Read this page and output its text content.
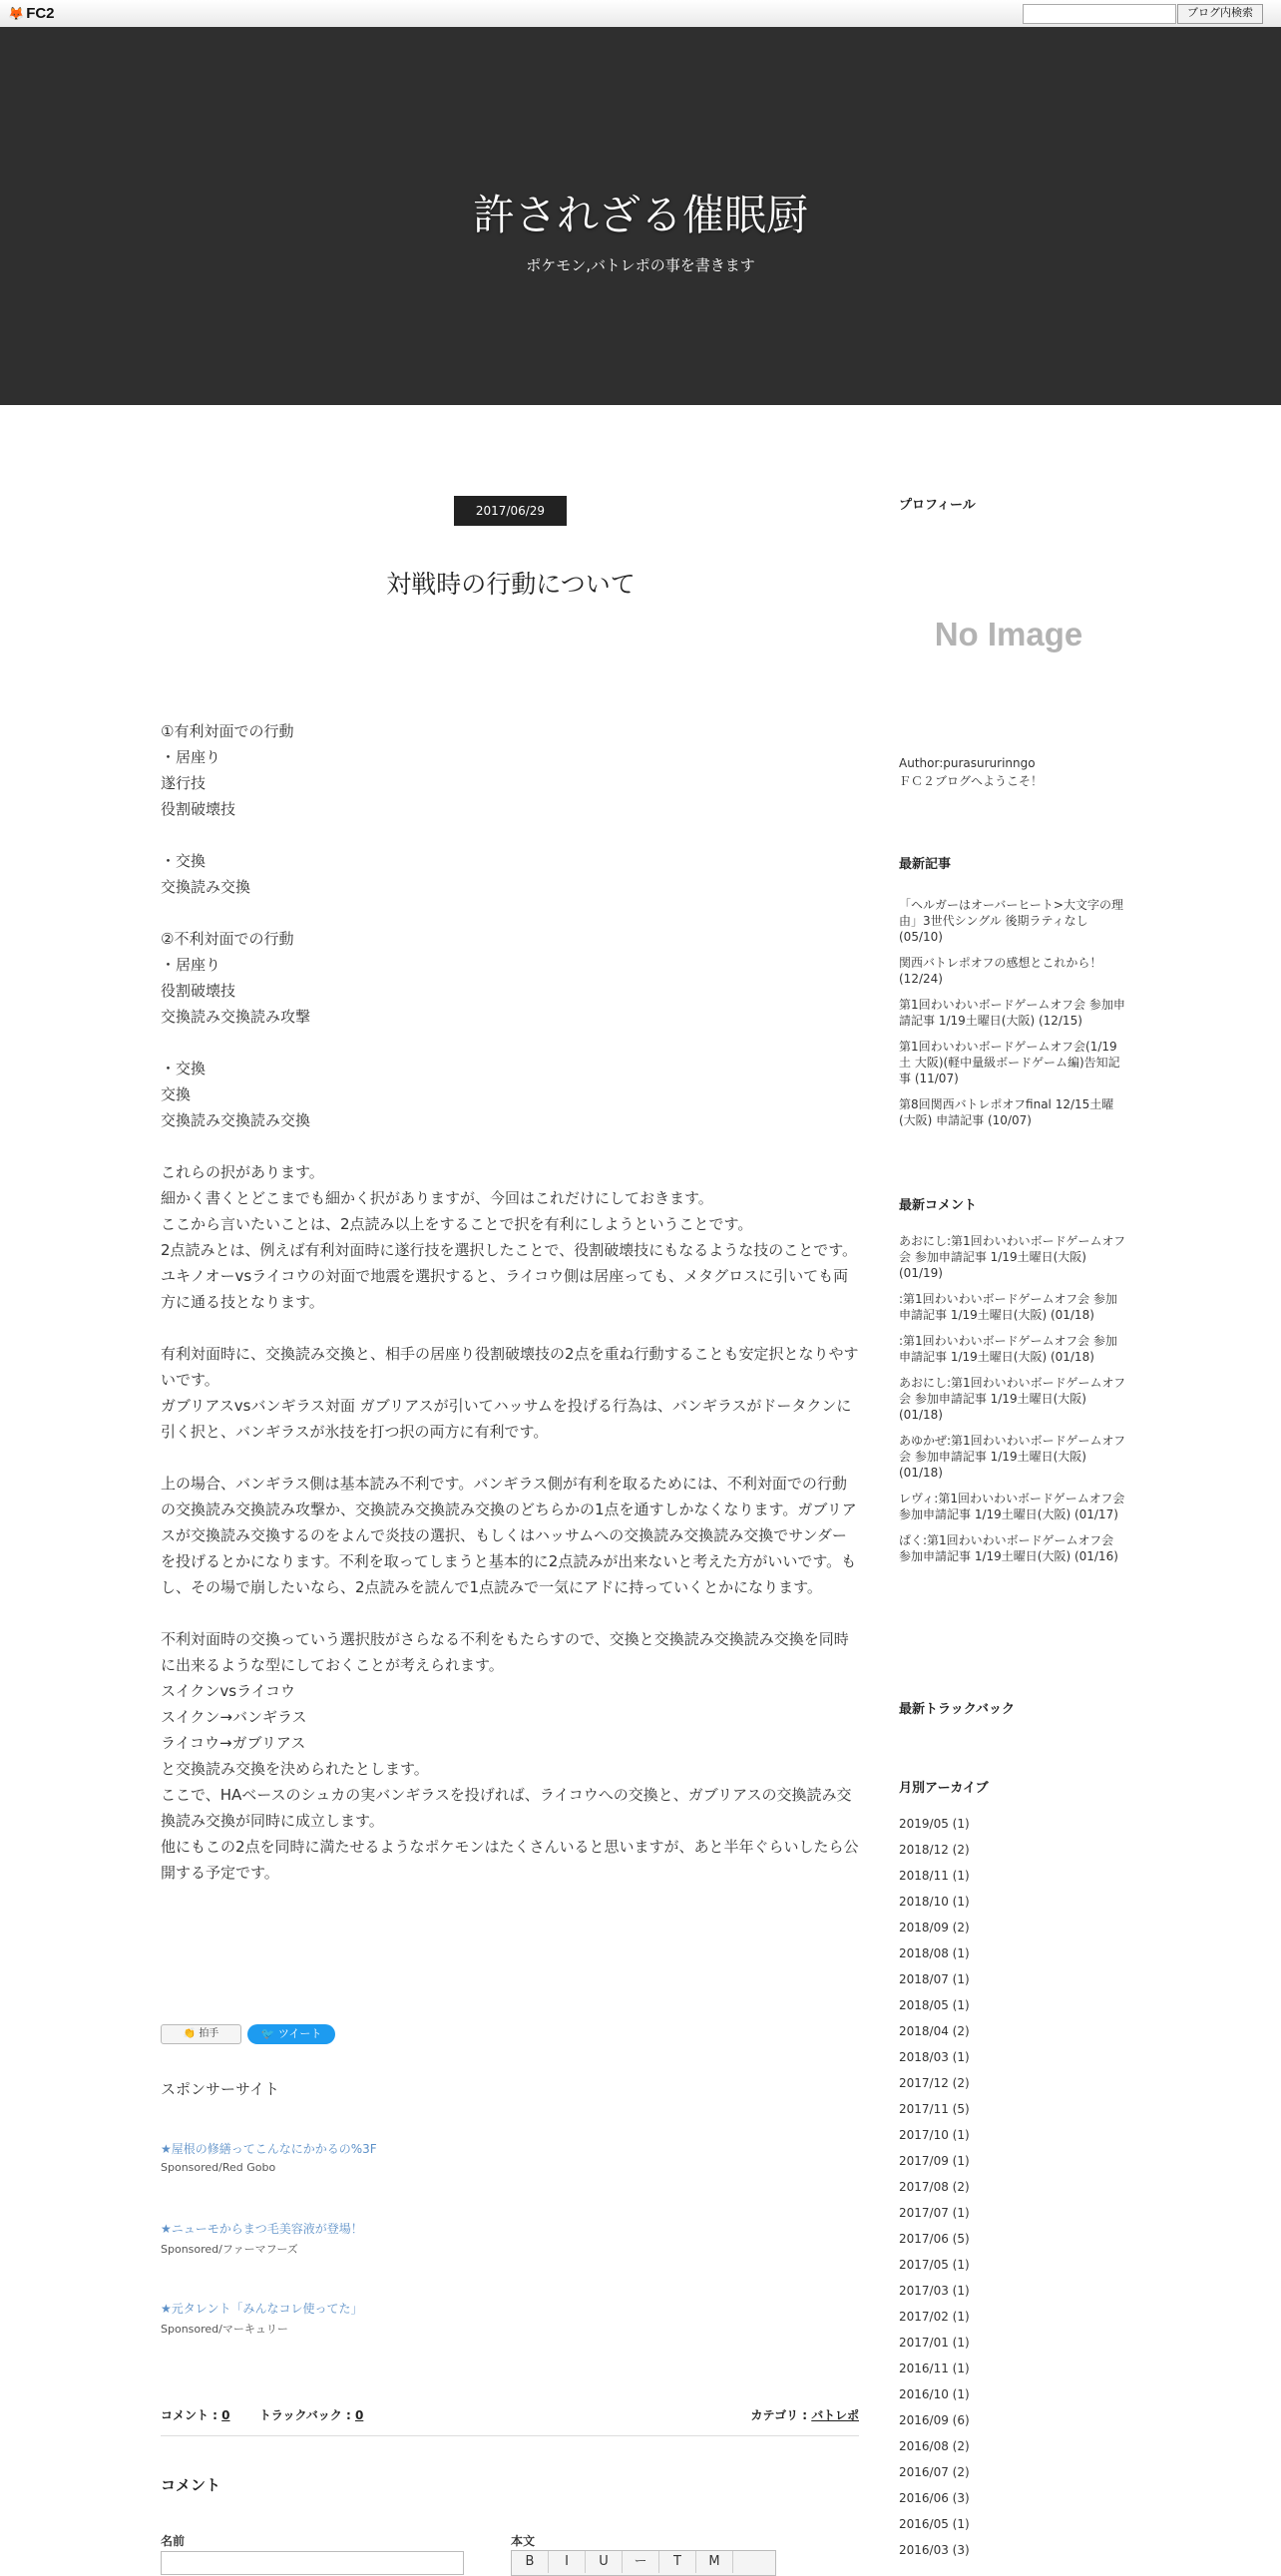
🦊 FC2	ブログ内検索
許されざる催眠厨
ポケモン,バトレポの事を書きます
2017/06/29
対戦時の行動について

①有利対面での行動
・居座り
遂行技
役割破壊技

・交換
交換読み交換

②不利対面での行動
・居座り
役割破壊技
交換読み交換読み攻撃

・交換
交換
交換読み交換読み交換

これらの択があります。
細かく書くとどこまでも細かく択がありますが、今回はこれだけにしておきます。
ここから言いたいことは、2点読み以上をすることで択を有利にしようということです。
2点読みとは、例えば有利対面時に遂行技を選択したことで、役割破壊技にもなるような技のことです。
ユキノオーvsライコウの対面で地震を選択すると、ライコウ側は居座っても、メタグロスに引いても両方に通る技となります。

有利対面時に、交換読み交換と、相手の居座り役割破壊技の2点を重ね行動することも安定択となりやすいです。
ガブリアスvsバンギラス対面 ガブリアスが引いてハッサムを投げる行為は、バンギラスがドータクンに引く択と、バンギラスが氷技を打つ択の両方に有利です。

上の場合、バンギラス側は基本読み不利です。バンギラス側が有利を取るためには、不利対面での行動の交換読み交換読み攻撃か、交換読み交換読み交換のどちらかの1点を通すしかなくなります。ガブリアスが交換読み交換するのをよんで炎技の選択、もしくはハッサムへの交換読み交換読み交換でサンダーを投げるとかになります。不利を取ってしまうと基本的に2点読みが出来ないと考えた方がいいです。もし、その場で崩したいなら、2点読みを読んで1点読みで一気にアドに持っていくとかになります。

不利対面時の交換っていう選択肢がさらなる不利をもたらすので、交換と交換読み交換読み交換を同時に出来るような型にしておくことが考えられます。
スイクンvsライコウ
スイクン→バンギラス
ライコウ→ガブリアス
と交換読み交換を決められたとします。
ここで、HAベースのシュカの実バンギラスを投げれば、ライコウへの交換と、ガブリアスの交換読み交換読み交換が同時に成立します。
他にもこの2点を同時に満たせるようなポケモンはたくさんいると思いますが、あと半年ぐらいしたら公開する予定です。

👏 拍手	🐦 ツイート
スポンサーサイト
★屋根の修繕ってこんなにかかるの%3F
Sponsored/Red Gobo
★ニューモからまつ毛美容液が登場！
Sponsored/ファーマフーズ
★元タレント「みんなコレ使ってた」
Sponsored/マーキュリー
コメント : 0 トラックバック : 0	カテゴリ : バトレポ
コメント
名前	本文
B I U ー T M
プロフィール
No Image
Author:purasururinngo
ＦＣ２ブログへようこそ！
最新記事
「ヘルガーはオーバーヒート>大文字の理由」3世代シングル 後期ラティなし (05/10)
関西バトレポオフの感想とこれから！ (12/24)
第1回わいわいボードゲームオフ会 参加申請記事 1/19土曜日(大阪) (12/15)
第1回わいわいボードゲームオフ会(1/19土 大阪)(軽中量級ボードゲーム編)告知記事 (11/07)
第8回関西バトレポオフfinal 12/15土曜(大阪) 申請記事 (10/07)
最新コメント
あおにし:第1回わいわいボードゲームオフ会 参加申請記事 1/19土曜日(大阪) (01/19)
:第1回わいわいボードゲームオフ会 参加申請記事 1/19土曜日(大阪) (01/18)
:第1回わいわいボードゲームオフ会 参加申請記事 1/19土曜日(大阪) (01/18)
あおにし:第1回わいわいボードゲームオフ会 参加申請記事 1/19土曜日(大阪) (01/18)
あゆかぜ:第1回わいわいボードゲームオフ会 参加申請記事 1/19土曜日(大阪) (01/18)
レヴィ:第1回わいわいボードゲームオフ会 参加申請記事 1/19土曜日(大阪) (01/17)
ぱく:第1回わいわいボードゲームオフ会 参加申請記事 1/19土曜日(大阪) (01/16)
最新トラックバック
月別アーカイブ
2019/05 (1)
2018/12 (2)
2018/11 (1)
2018/10 (1)
2018/09 (2)
2018/08 (1)
2018/07 (1)
2018/05 (1)
2018/04 (2)
2018/03 (1)
2017/12 (2)
2017/11 (5)
2017/10 (1)
2017/09 (1)
2017/08 (2)
2017/07 (1)
2017/06 (5)
2017/05 (1)
2017/03 (1)
2017/02 (1)
2017/01 (1)
2016/11 (1)
2016/10 (1)
2016/09 (6)
2016/08 (2)
2016/07 (2)
2016/06 (3)
2016/05 (1)
2016/03 (3)
